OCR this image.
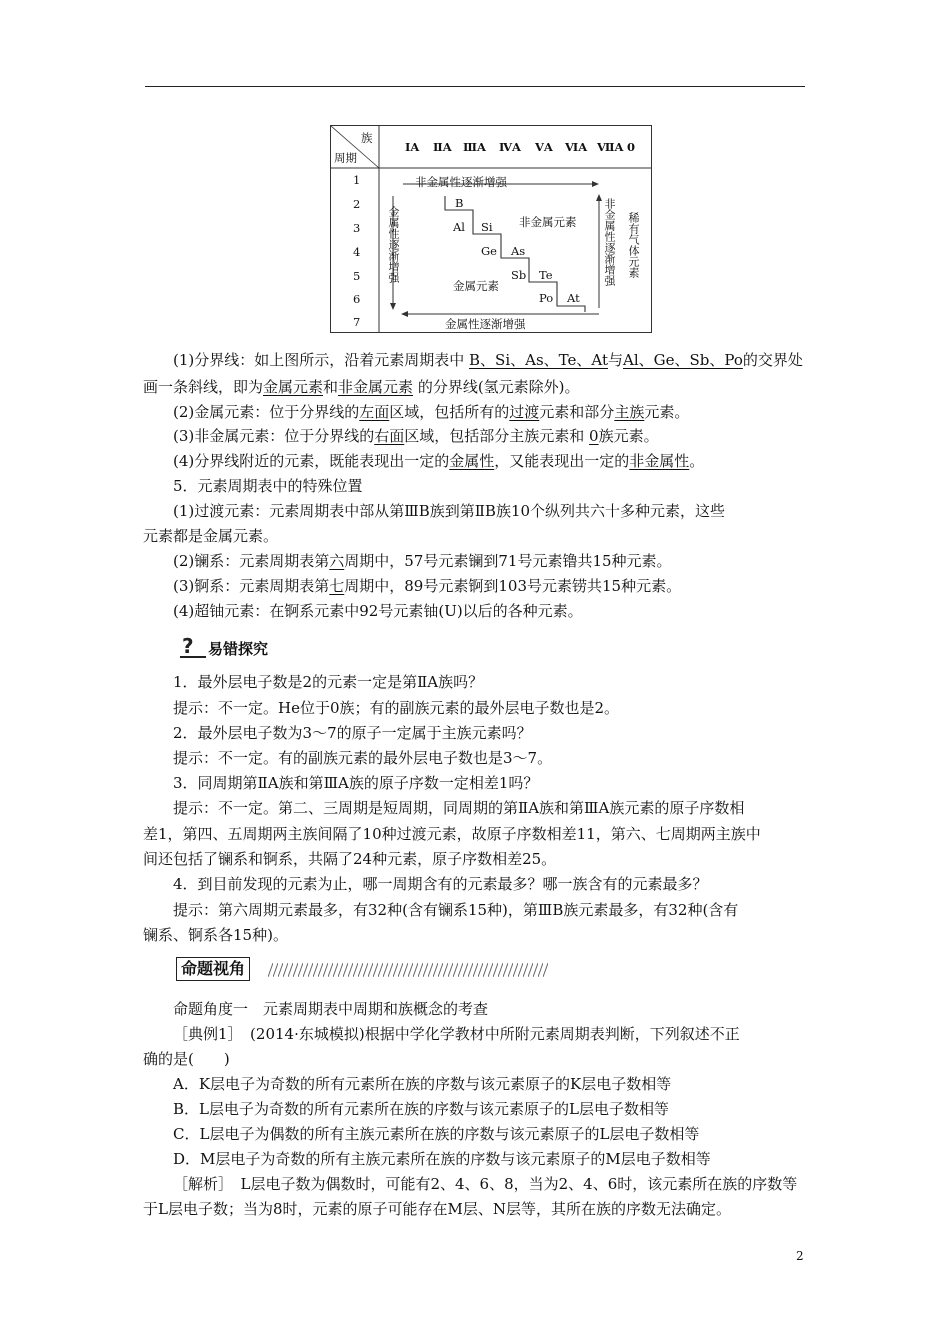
族
周期
ⅠA ⅡA ⅢA ⅣA ⅤA ⅥA ⅦA 0
1
2
3
4
5
6
7
非金属性逐渐增强
金属性逐渐增强
B
Al Si
Ge As
Sb Te
Po At
非金属元素
金属元素
金属性逐渐增强	非金属性逐渐增强 稀有气体元素
(1)分界线：如上图所示，沿着元素周期表中 B、Si、As、Te、At与Al、Ge、Sb、Po的交界处
画一条斜线，即为金属元素和非金属元素 的分界线(氢元素除外)。
(2)金属元素：位于分界线的左面区域，包括所有的过渡元素和部分主族元素。
(3)非金属元素：位于分界线的右面区域，包括部分主族元素和 0族元素。
(4)分界线附近的元素，既能表现出一定的金属性，又能表现出一定的非金属性。
5．元素周期表中的特殊位置
(1)过渡元素：元素周期表中部从第ⅢB族到第ⅡB族10个纵列共六十多种元素，这些
元素都是金属元素。
(2)镧系：元素周期表第六周期中，57号元素镧到71号元素镥共15种元素。
(3)锕系：元素周期表第七周期中，89号元素锕到103号元素铹共15种元素。
(4)超铀元素：在锕系元素中92号元素铀(U)以后的各种元素。
? 易错探究
1．最外层电子数是2的元素一定是第ⅡA族吗？
提示：不一定。He位于0族；有的副族元素的最外层电子数也是2。
2．最外层电子数为3～7的原子一定属于主族元素吗？
提示：不一定。有的副族元素的最外层电子数也是3～7。
3．同周期第ⅡA族和第ⅢA族的原子序数一定相差1吗？
提示：不一定。第二、三周期是短周期，同周期的第ⅡA族和第ⅢA族元素的原子序数相
差1，第四、五周期两主族间隔了10种过渡元素，故原子序数相差11，第六、七周期两主族中
间还包括了镧系和锕系，共隔了24种元素，原子序数相差25。
4．到目前发现的元素为止，哪一周期含有的元素最多？哪一族含有的元素最多？
提示：第六周期元素最多，有32种(含有镧系15种)，第ⅢB族元素最多，有32种(含有
镧系、锕系各15种)。
命题视角
命题角度一　元素周期表中周期和族概念的考查
［典例1］　(2014·东城模拟)根据中学化学教材中所附元素周期表判断，下列叙述不正
确的是(　　)
A．K层电子为奇数的所有元素所在族的序数与该元素原子的K层电子数相等
B．L层电子为奇数的所有元素所在族的序数与该元素原子的L层电子数相等
C．L层电子为偶数的所有主族元素所在族的序数与该元素原子的L层电子数相等
D．M层电子为奇数的所有主族元素所在族的序数与该元素原子的M层电子数相等
［解析］　L层电子数为偶数时，可能有2、4、6、8，当为2、4、6时，该元素所在族的序数等
于L层电子数；当为8时，元素的原子可能存在M层、N层等，其所在族的序数无法确定。
2
